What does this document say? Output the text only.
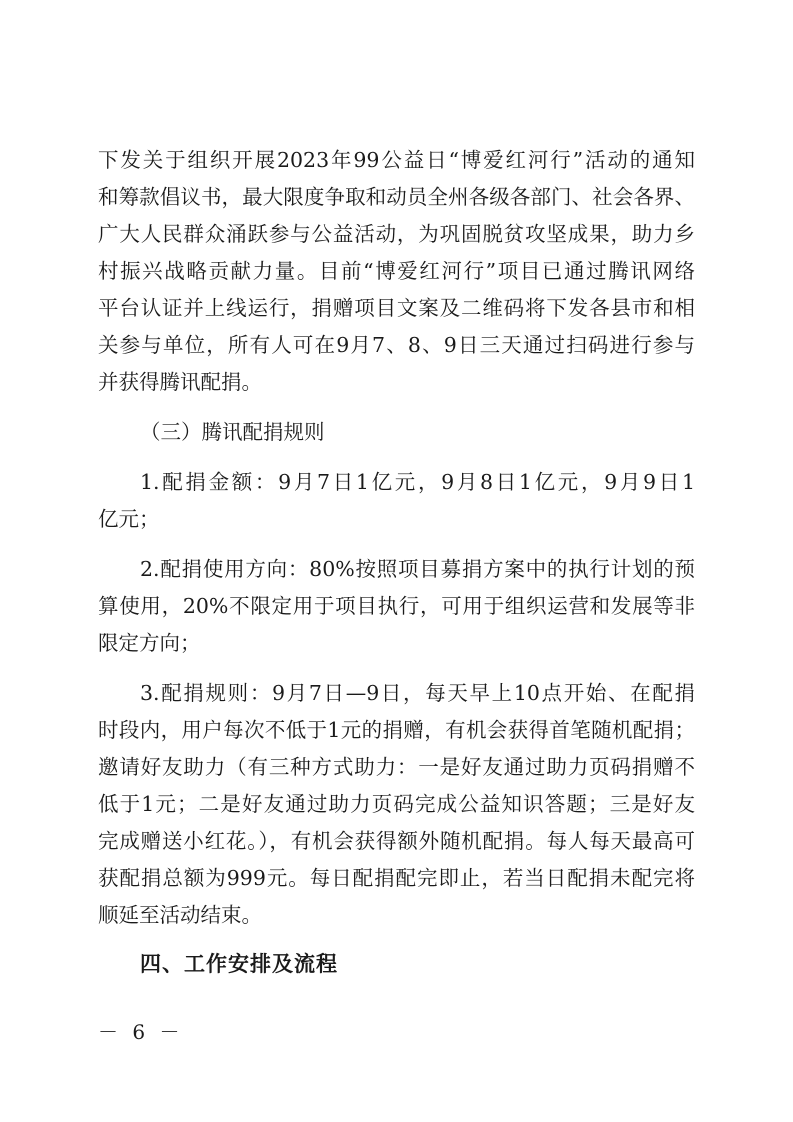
下发关于组织开展2023年99公益日“博爱红河行”活动的通知
和筹款倡议书，最大限度争取和动员全州各级各部门、社会各界、
广大人民群众涌跃参与公益活动，为巩固脱贫攻坚成果，助力乡
村振兴战略贡献力量。目前“博爱红河行”项目已通过腾讯网络
平台认证并上线运行，捐赠项目文案及二维码将下发各县市和相
关参与单位，所有人可在9月7、8、9日三天通过扫码进行参与
并获得腾讯配捐。
（三）腾讯配捐规则
1.配捐金额：9月7日1亿元，9月8日1亿元，9月9日1
亿元；
2.配捐使用方向：80%按照项目募捐方案中的执行计划的预
算使用，20%不限定用于项目执行，可用于组织运营和发展等非
限定方向；
3.配捐规则：9月7日—9日，每天早上10点开始、在配捐
时段内，用户每次不低于1元的捐赠，有机会获得首笔随机配捐；
邀请好友助力（有三种方式助力：一是好友通过助力页码捐赠不
低于1元；二是好友通过助力页码完成公益知识答题；三是好友
完成赠送小红花。），有机会获得额外随机配捐。每人每天最高可
获配捐总额为999元。每日配捐配完即止，若当日配捐未配完将
顺延至活动结束。
四、工作安排及流程
－ 6 －
